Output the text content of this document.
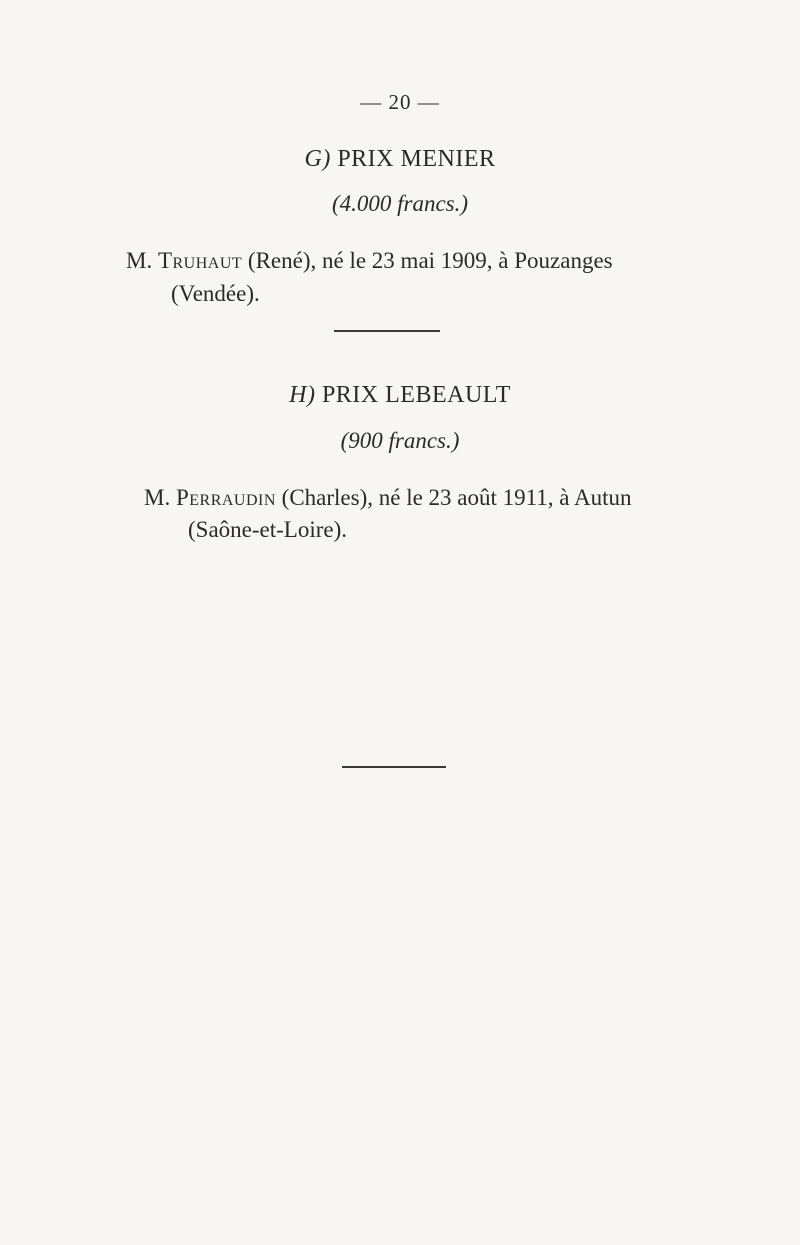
— 20 —

G) PRIX MENIER

(4.000 francs.)

M. Truhaut (René), né le 23 mai 1909, à Pouzanges

(Vendée).

H) PRIX LEBEAULT

(900 francs.)

M. Perraudin (Charles), né le 23 août 1911, à Autun

(Saône-et-Loire).
